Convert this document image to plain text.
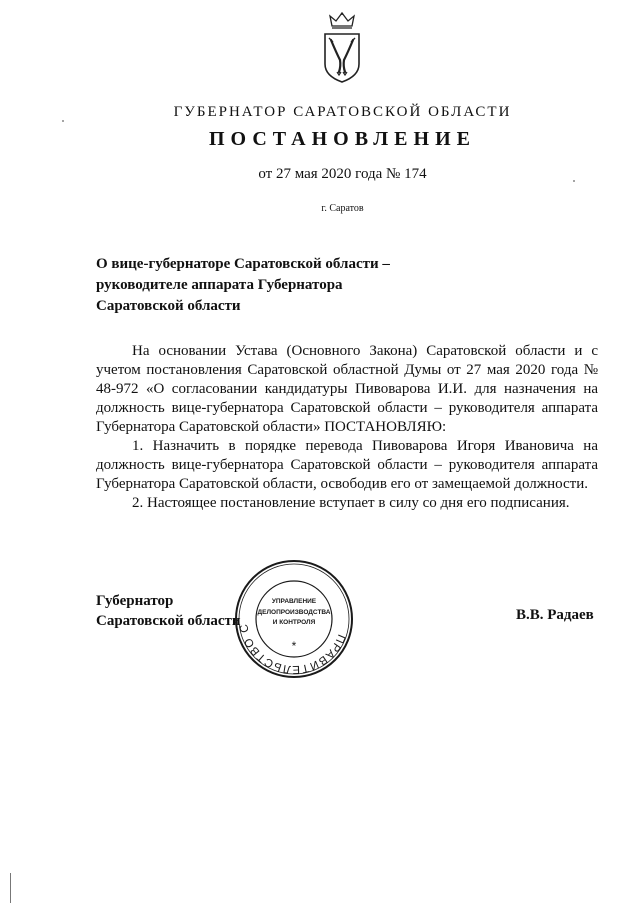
ГУБЕРНАТОР САРАТОВСКОЙ ОБЛАСТИ
ПОСТАНОВЛЕНИЕ
от 27 мая 2020 года № 174
г. Саратов
О вице-губернаторе Саратовской области –
руководителе аппарата Губернатора
Саратовской области

На основании Устава (Основного Закона) Саратовской области и с учетом постановления Саратовской областной Думы от 27 мая 2020 года № 48-972 «О согласовании кандидатуры Пивоварова И.И. для назначения на должность вице-губернатора Саратовской области – руководителя аппарата Губернатора Саратовской области» ПОСТАНОВЛЯЮ:

1. Назначить в порядке перевода Пивоварова Игоря Ивановича на должность вице-губернатора Саратовской области – руководителя аппарата Губернатора Саратовской области, освободив его от замещаемой должности.

2. Настоящее постановление вступает в силу со дня его подписания.

Губернатор
Саратовской области	В.В. Радаев
ПРАВИТЕЛЬСТВО С
УПРАВЛЕНИЕ
ДЕЛОПРОИЗВОДСТВА
И КОНТРОЛЯ
*
